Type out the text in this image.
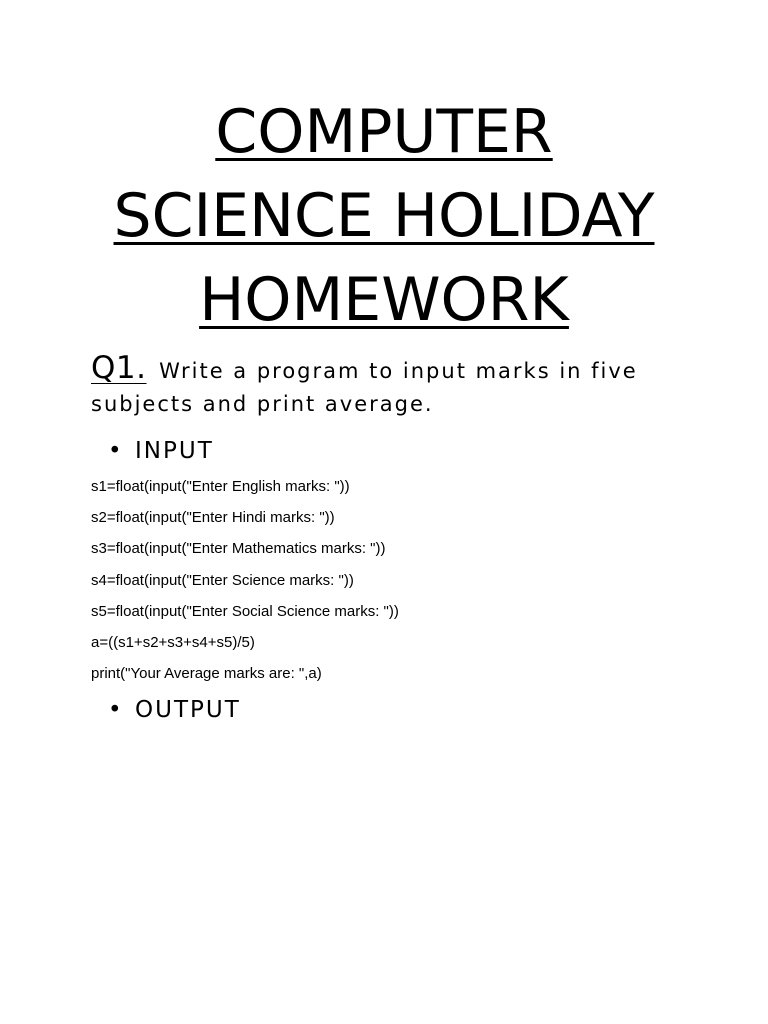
COMPUTER
SCIENCE HOLIDAY
HOMEWORK

Q1. Write a program to input marks in five subjects and print average.

• INPUT

s1=float(input("Enter English marks: "))

s2=float(input("Enter Hindi marks: "))

s3=float(input("Enter Mathematics marks: "))

s4=float(input("Enter Science marks: "))

s5=float(input("Enter Social Science marks: "))

a=((s1+s2+s3+s4+s5)/5)

print("Your Average marks are: ",a)

• OUTPUT
